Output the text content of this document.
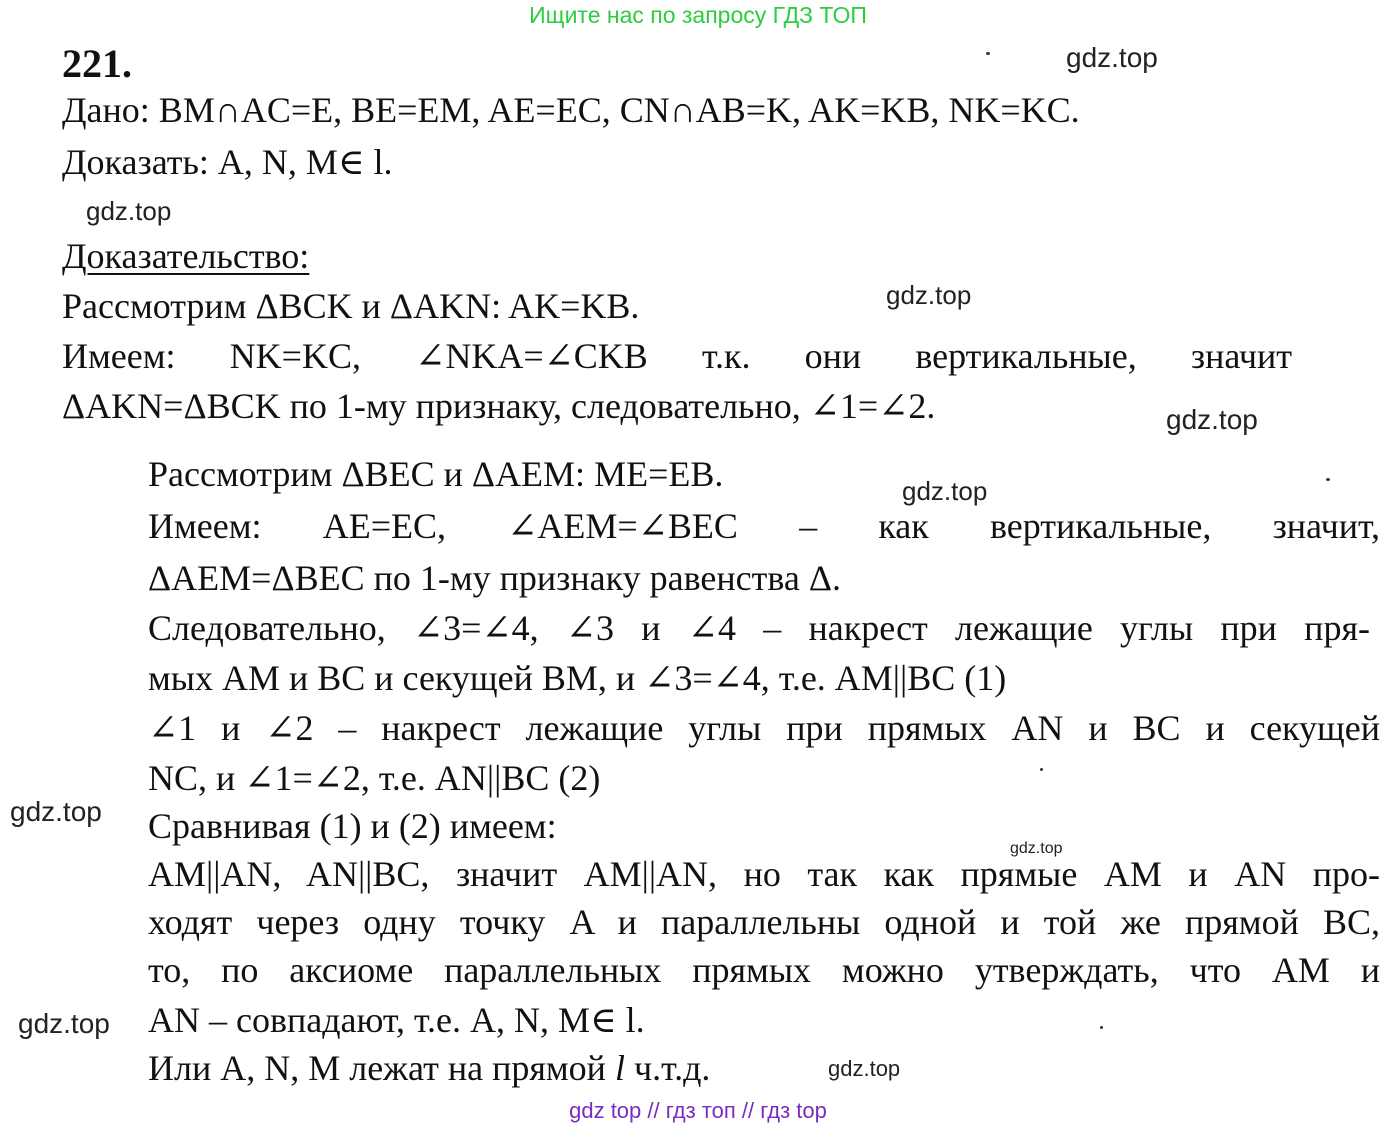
Ищите нас по запросу ГДЗ ТОП
221.
Дано: BM∩AC=E, BE=EM, AE=EC, CN∩AB=K, AK=KB, NK=KC.
Доказать: A, N, M∈ l.
Доказательство:
Рассмотрим ΔBCK и ΔAKN: AK=KB.
Имеем: NK=KC, ∠NKA=∠CKB т.к. они вертикальные, значит
ΔAKN=ΔBCK по 1-му признаку, следовательно, ∠1=∠2.
Рассмотрим ΔBEC и ΔAEM: ME=EB.
Имеем: AE=EC, ∠AEM=∠BEC – как вертикальные, значит,
ΔAEM=ΔBEC по 1-му признаку равенства Δ.
Следовательно, ∠3=∠4, ∠3 и ∠4 – накрест лежащие углы при пря-
мых AM и BC и секущей BM, и ∠3=∠4, т.е. AM||BC (1)
∠1 и ∠2 – накрест лежащие углы при прямых AN и BC и секущей
NC, и ∠1=∠2, т.е. AN||BC (2)
Сравнивая (1) и (2) имеем:
AM||AN, AN||BC, значит AM||AN, но так как прямые AM и AN про-
ходят через одну точку A и параллельны одной и той же прямой BC,
то, по аксиоме параллельных прямых можно утверждать, что AM и
AN – совпадают, т.е. A, N, M∈ l.
Или A, N, M лежат на прямой l ч.т.д.
gdz.top
gdz.top
gdz.top
gdz.top
gdz.top
gdz.top
gdz.top
gdz.top
gdz.top
gdz top // гдз топ // гдз top
